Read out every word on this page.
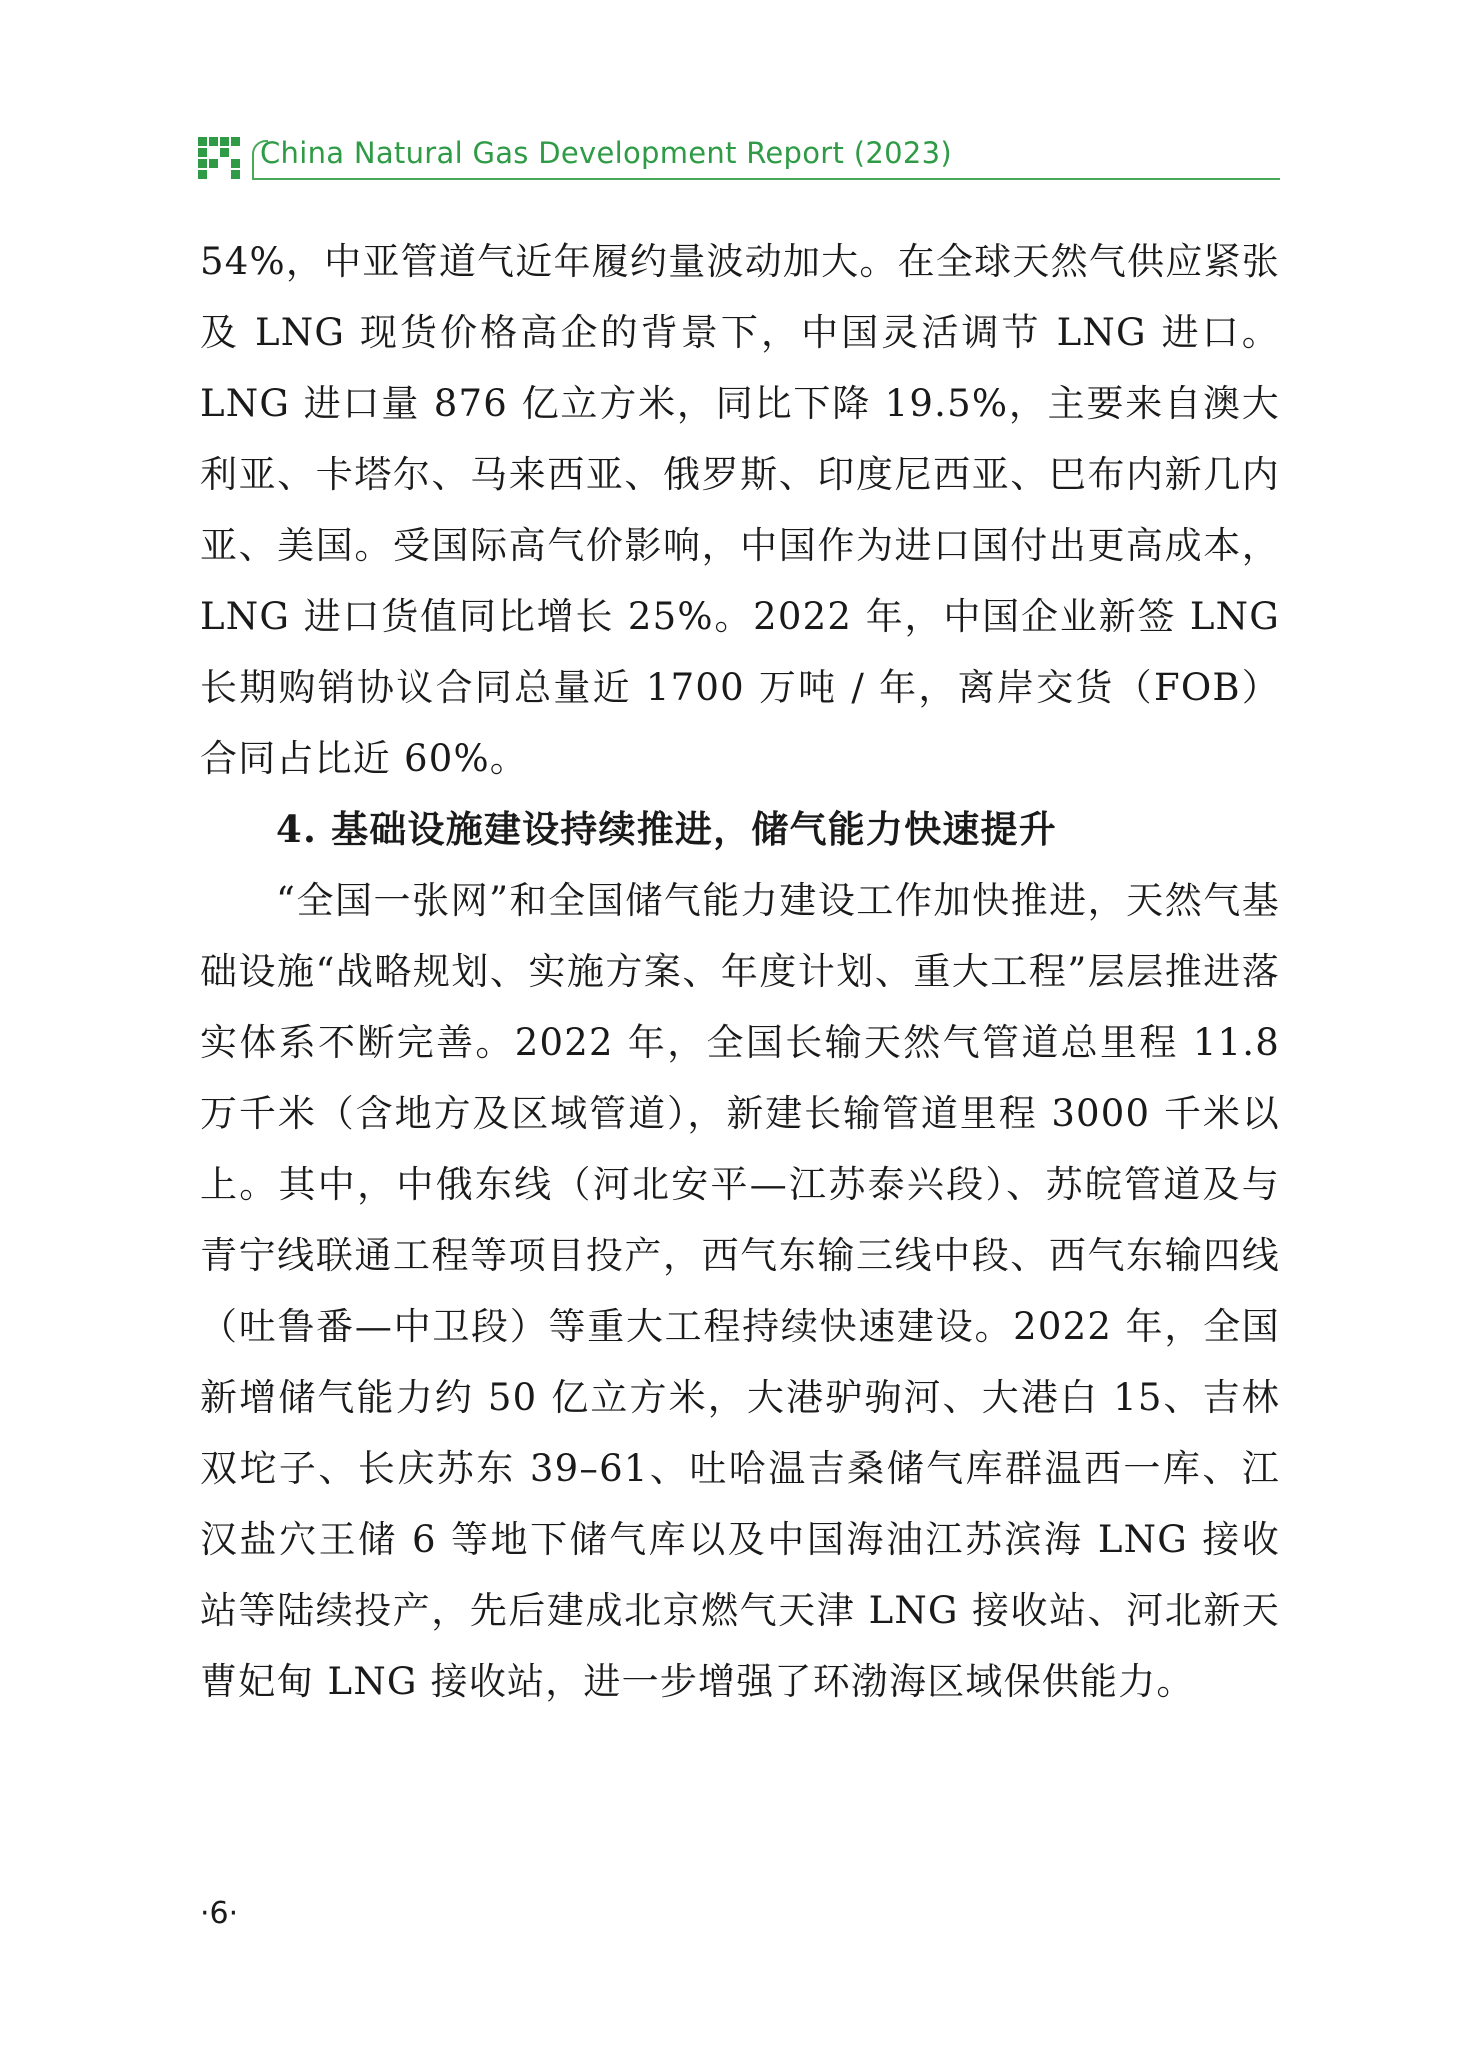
China Natural Gas Development Report (2023)

54%，中亚管道气近年履约量波动加大。在全球天然气供应紧张及 LNG 现货价格高企的背景下，中国灵活调节 LNG 进口。LNG 进口量 876 亿立方米，同比下降 19.5%，主要来自澳大利亚、卡塔尔、马来西亚、俄罗斯、印度尼西亚、巴布内新几内亚、美国。受国际高气价影响，中国作为进口国付出更高成本，LNG 进口货值同比增长 25%。2022 年，中国企业新签 LNG 长期购销协议合同总量近 1700 万吨 / 年，离岸交货（FOB）合同占比近 60%。

4. 基础设施建设持续推进，储气能力快速提升

“全国一张网”和全国储气能力建设工作加快推进，天然气基础设施“战略规划、实施方案、年度计划、重大工程”层层推进落实体系不断完善。2022 年，全国长输天然气管道总里程 11.8 万千米（含地方及区域管道），新建长输管道里程 3000 千米以上。其中，中俄东线（河北安平—江苏泰兴段）、苏皖管道及与青宁线联通工程等项目投产，西气东输三线中段、西气东输四线（吐鲁番—中卫段）等重大工程持续快速建设。2022 年，全国新增储气能力约 50 亿立方米，大港驴驹河、大港白 15、吉林双坨子、长庆苏东 39–61、吐哈温吉桑储气库群温西一库、江汉盐穴王储 6 等地下储气库以及中国海油江苏滨海 LNG 接收站等陆续投产，先后建成北京燃气天津 LNG 接收站、河北新天曹妃甸 LNG 接收站，进一步增强了环渤海区域保供能力。

·6·
